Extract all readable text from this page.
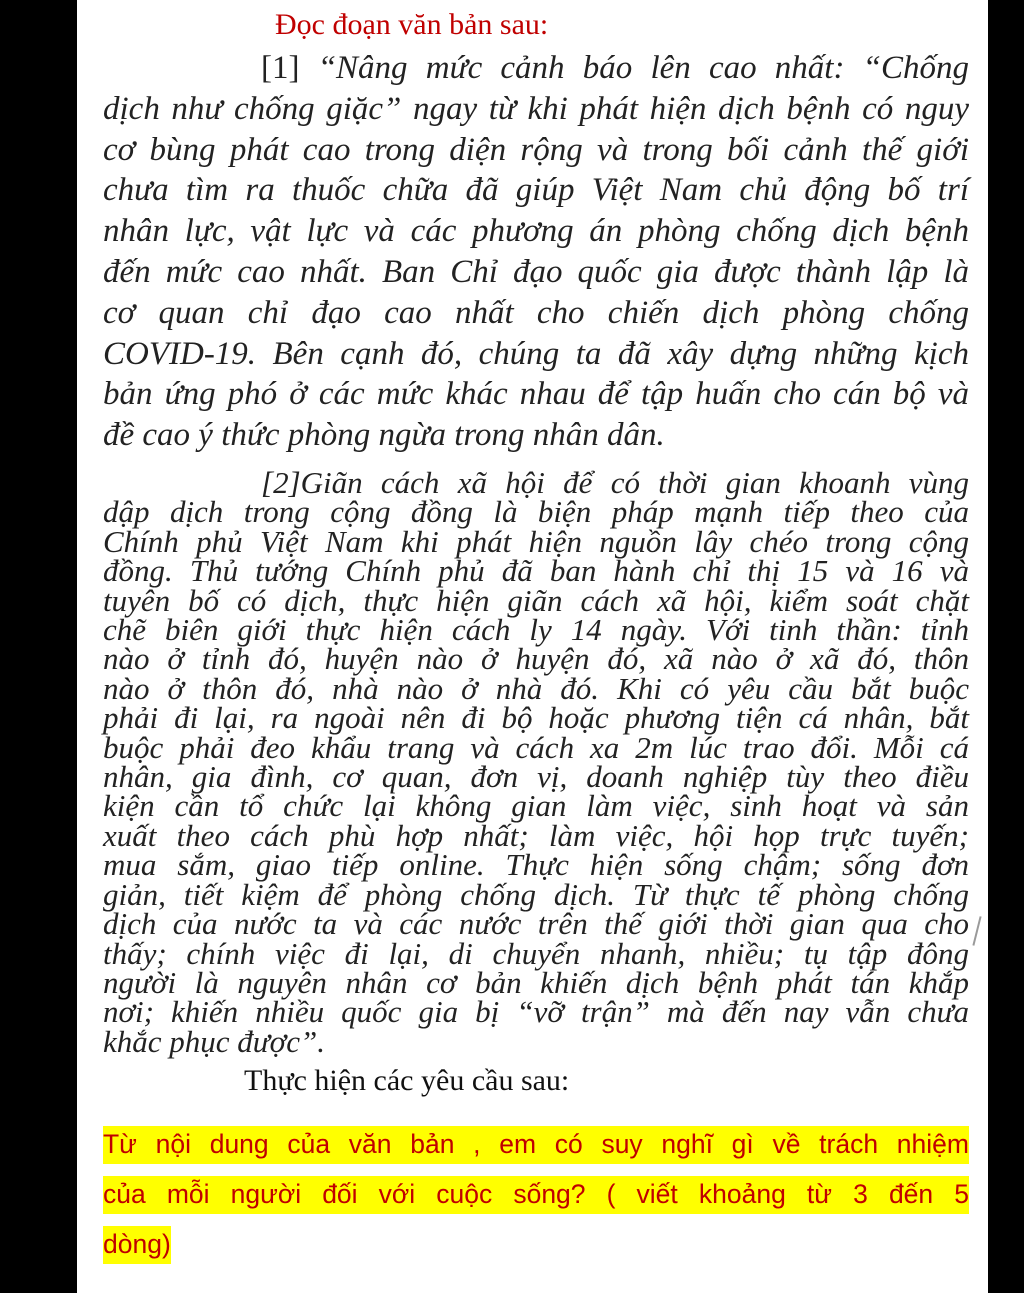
Đọc đoạn văn bản sau:
[1] “Nâng mức cảnh báo lên cao nhất: “Chống
dịch như chống giặc” ngay từ khi phát hiện dịch bệnh có nguy
cơ bùng phát cao trong diện rộng và trong bối cảnh thế giới
chưa tìm ra thuốc chữa đã giúp Việt Nam chủ động bố trí
nhân lực, vật lực và các phương án phòng chống dịch bệnh
đến mức cao nhất. Ban Chỉ đạo quốc gia được thành lập là
cơ quan chỉ đạo cao nhất cho chiến dịch phòng chống
COVID-19. Bên cạnh đó, chúng ta đã xây dựng những kịch
bản ứng phó ở các mức khác nhau để tập huấn cho cán bộ và
đề cao ý thức phòng ngừa trong nhân dân.
[2]Giãn cách xã hội để có thời gian khoanh vùng
dập dịch trong cộng đồng là biện pháp mạnh tiếp theo của
Chính phủ Việt Nam khi phát hiện nguồn lây chéo trong cộng
đồng. Thủ tướng Chính phủ đã ban hành chỉ thị 15 và 16 và
tuyên bố có dịch, thực hiện giãn cách xã hội, kiểm soát chặt
chẽ biên giới thực hiện cách ly 14 ngày. Với tinh thần: tỉnh
nào ở tỉnh đó, huyện nào ở huyện đó, xã nào ở xã đó, thôn
nào ở thôn đó, nhà nào ở nhà đó. Khi có yêu cầu bắt buộc
phải đi lại, ra ngoài nên đi bộ hoặc phương tiện cá nhân, bắt
buộc phải đeo khẩu trang và cách xa 2m lúc trao đổi. Mỗi cá
nhân, gia đình, cơ quan, đơn vị, doanh nghiệp tùy theo điều
kiện cần tổ chức lại không gian làm việc, sinh hoạt và sản
xuất theo cách phù hợp nhất; làm việc, hội họp trực tuyến;
mua sắm, giao tiếp online. Thực hiện sống chậm; sống đơn
giản, tiết kiệm để phòng chống dịch. Từ thực tế phòng chống
dịch của nước ta và các nước trên thế giới thời gian qua cho
thấy; chính việc đi lại, di chuyển nhanh, nhiều; tụ tập đông
người là nguyên nhân cơ bản khiến dịch bệnh phát tán khắp
nơi; khiến nhiều quốc gia bị “vỡ trận” mà đến nay vẫn chưa
khắc phục được”.

Thực hiện các yêu cầu sau:

Từ nội dung của văn bản , em có suy nghĩ gì về trách nhiệm
của mỗi người đối với cuộc sống? ( viết khoảng từ 3 đến 5
dòng)
